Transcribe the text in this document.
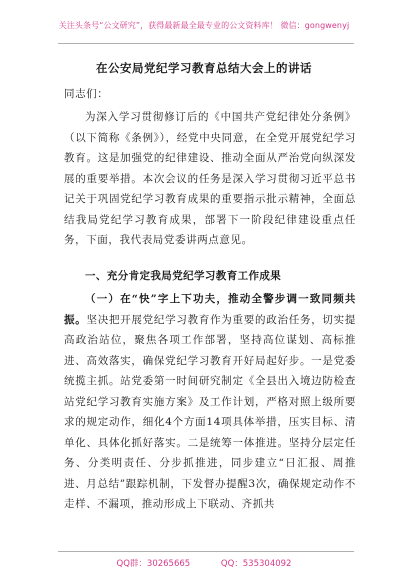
关注头条号“公文研究”，获得最新最全最专业的公文资料库！ 微信：gongwenyj
在公安局党纪学习教育总结大会上的讲话
同志们：
为深入学习贯彻修订后的《中国共产党纪律处分条例》（以下简称《条例》），经党中央同意，在全党开展党纪学习教育。这是加强党的纪律建设、推动全面从严治党向纵深发展的重要举措。本次会议的任务是深入学习贯彻习近平总书记关于巩固党纪学习教育成果的重要指示批示精神，全面总结我局党纪学习教育成果，部署下一阶段纪律建设重点任务，下面，我代表局党委讲两点意见。
一、充分肯定我局党纪学习教育工作成果
（一）在“快”字上下功夫，推动全警步调一致同频共振。坚决把开展党纪学习教育作为重要的政治任务，切实提高政治站位，聚焦各项工作部署，坚持高位谋划、高标推进、高效落实，确保党纪学习教育开好局起好步。一是党委统揽主抓。站党委第一时间研究制定《全县出入境边防检查站党纪学习教育实施方案》及工作计划，严格对照上级所要求的规定动作，细化4个方面14项具体举措，压实目标、清单化、具体化抓好落实。二是统筹一体推进。坚持分层定任务、分类明责任、分步抓推进，同步建立“日汇报、周推进、月总结”跟踪机制，下发督办提醒3次，确保规定动作不走样、不漏项，推动形成上下联动、齐抓共
QQ群：30265665 QQ：535304092
